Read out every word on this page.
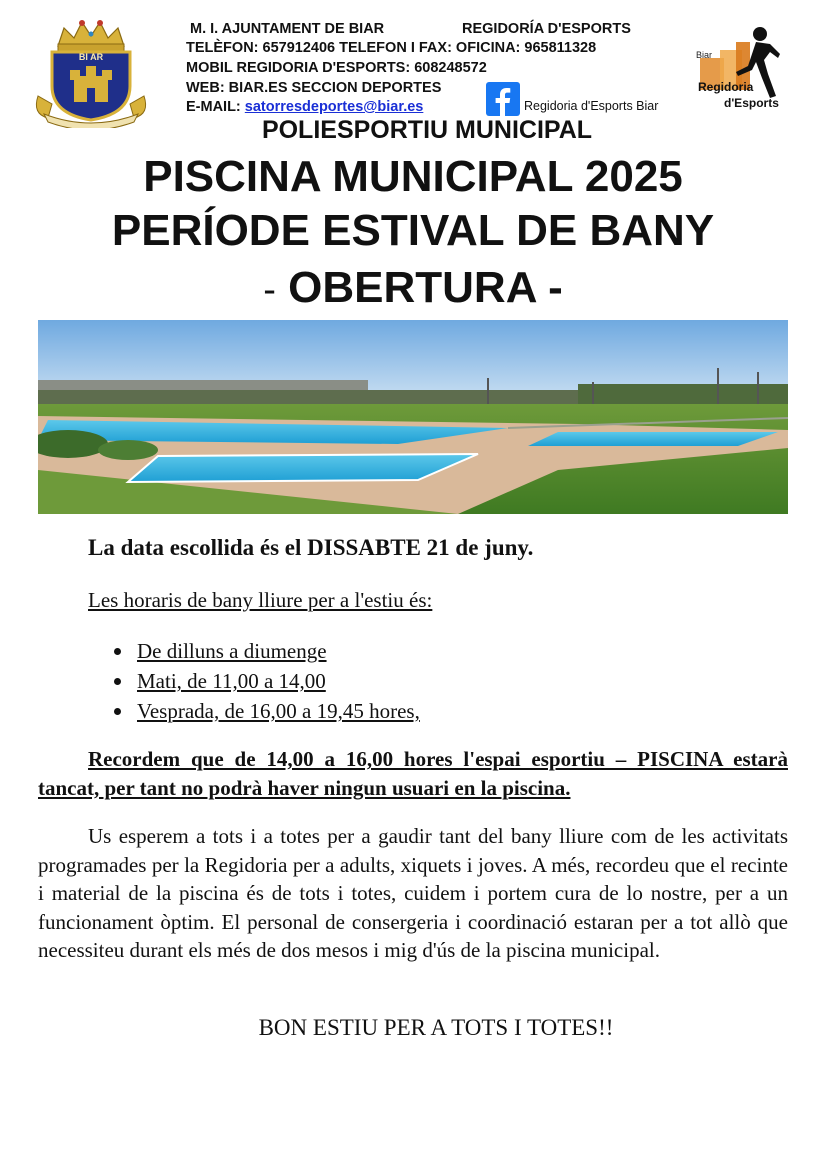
BI AR
M. I. AJUNTAMENT DE BIAR	REGIDORÍA D'ESPORTS
TELÈFON: 657912406 TELEFON I FAX: OFICINA: 965811328
MOBIL REGIDORIA D'ESPORTS: 608248572
WEB: BIAR.ES SECCION DEPORTES
E-MAIL: satorresdeportes@biar.es	Regidoria d'Esports Biar
Biar
Regidoria
d'Esports
POLIESPORTIU MUNICIPAL
PISCINA MUNICIPAL 2025
PERÍODE ESTIVAL DE BANY
- OBERTURA -
La data escollida és el DISSABTE 21 de juny.
Les horaris de bany lliure per a l'estiu és:
De dilluns a diumenge
Mati, de 11,00 a 14,00
Vesprada, de 16,00 a 19,45 hores,
Recordem que de 14,00 a 16,00 hores l'espai esportiu – PISCINA estarà tancat, per tant no podrà haver ningun usuari en la piscina.
Us esperem a tots i a totes per a gaudir tant del bany lliure com de les activitats programades per la Regidoria per a adults, xiquets i joves. A més, recordeu que el recinte i material de la piscina és de tots i totes, cuidem i portem cura de lo nostre, per a un funcionament òptim. El personal de consergeria i coordinació estaran per a tot allò que necessiteu durant els més de dos mesos i mig d'ús de la piscina municipal.
BON ESTIU PER A TOTS I TOTES!!
